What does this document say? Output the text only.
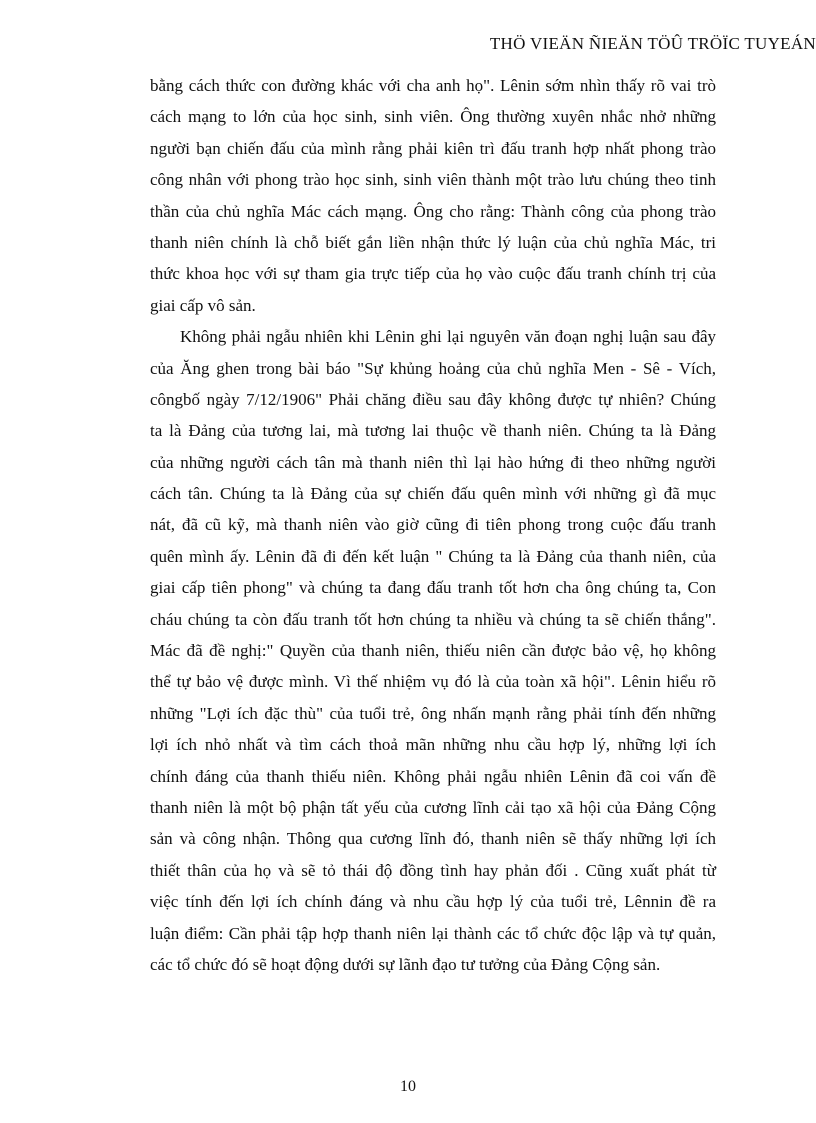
THÖ VIEÄN ÑIEÄN TÖÛ TRÖÏC TUYEÁN
bằng cách thức con đường khác với cha anh họ". Lênin sớm nhìn thấy rõ vai trò
cách mạng to lớn của học sinh, sinh viên. Ông thường xuyên nhắc nhở những
người bạn chiến đấu của mình rằng phải kiên trì đấu tranh hợp nhất phong trào
công nhân với phong trào học sinh, sinh viên thành một trào lưu chúng theo tinh
thần của chủ nghĩa Mác cách mạng. Ông cho rằng: Thành công của phong trào
thanh niên chính là chỗ biết gắn liền nhận thức lý luận của chủ nghĩa Mác, tri
thức khoa học với sự tham gia trực tiếp của họ vào cuộc đấu tranh chính trị của
giai cấp vô sản.
Không phải ngẫu nhiên khi Lênin ghi lại nguyên văn đoạn nghị luận sau đây
của Ăng ghen trong bài báo "Sự khủng hoảng của chủ nghĩa Men - Sê - Vích,
côngbố ngày 7/12/1906" Phải chăng điều sau đây không được tự nhiên? Chúng
ta là Đảng của tương lai, mà tương lai thuộc về thanh niên. Chúng ta là Đảng
của những người cách tân mà thanh niên thì lại hào hứng đi theo những người
cách tân. Chúng ta là Đảng của sự chiến đấu quên mình với những gì đã mục
nát, đã cũ kỹ, mà thanh niên vào giờ cũng đi tiên phong trong cuộc đấu tranh
quên mình ấy. Lênin đã đi đến kết luận " Chúng ta là Đảng của thanh niên, của
giai cấp tiên phong" và chúng ta đang đấu tranh tốt hơn cha ông chúng ta, Con
cháu chúng ta còn đấu tranh tốt hơn chúng ta nhiều và chúng ta sẽ chiến thắng".
Mác đã đề nghị:" Quyền của thanh niên, thiếu niên cần được bảo vệ, họ không
thể tự bảo vệ được mình. Vì thế nhiệm vụ đó là của toàn xã hội". Lênin hiểu rõ
những "Lợi ích đặc thù" của tuổi trẻ, ông nhấn mạnh rằng phải tính đến những
lợi ích nhỏ nhất và tìm cách thoả mãn những nhu cầu hợp lý, những lợi ích
chính đáng của thanh thiếu niên. Không phải ngẫu nhiên Lênin đã coi vấn đề
thanh niên là một bộ phận tất yếu của cương lĩnh cải tạo xã hội của Đảng Cộng
sản và công nhận. Thông qua cương lĩnh đó, thanh niên sẽ thấy những lợi ích
thiết thân của họ và sẽ tỏ thái độ đồng tình hay phản đối . Cũng xuất phát từ
việc tính đến lợi ích chính đáng và nhu cầu hợp lý của tuổi trẻ, Lênnin đề ra
luận điểm: Cần phải tập hợp thanh niên lại thành các tổ chức độc lập và tự quản,
các tổ chức đó sẽ hoạt động dưới sự lãnh đạo tư tưởng của Đảng Cộng sản.
10
